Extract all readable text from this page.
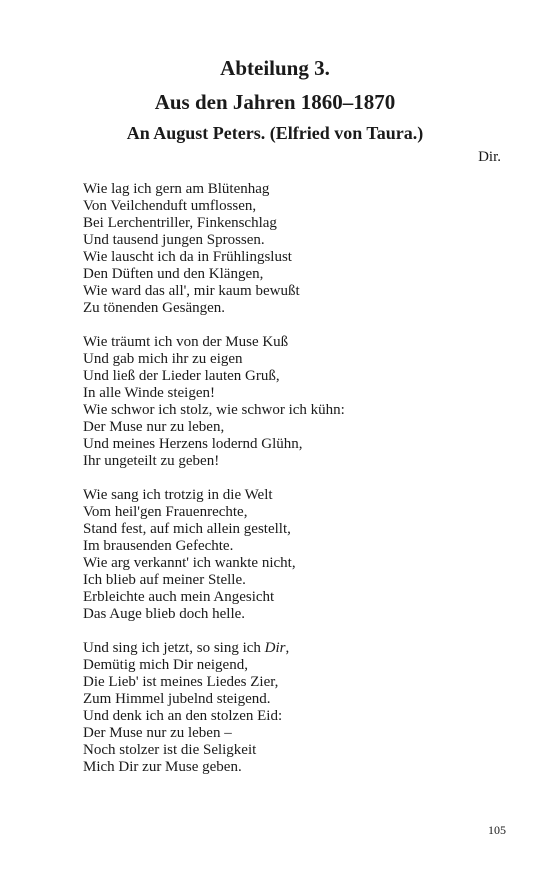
Abteilung 3.
Aus den Jahren 1860–1870
An August Peters. (Elfried von Taura.)
Dir.
Wie lag ich gern am Blütenhag
Von Veilchenduft umflossen,
Bei Lerchentriller, Finkenschlag
Und tausend jungen Sprossen.
Wie lauscht ich da in Frühlingslust
Den Düften und den Klängen,
Wie ward das all', mir kaum bewußt
Zu tönenden Gesängen.
Wie träumt ich von der Muse Kuß
Und gab mich ihr zu eigen
Und ließ der Lieder lauten Gruß,
In alle Winde steigen!
Wie schwor ich stolz, wie schwor ich kühn:
Der Muse nur zu leben,
Und meines Herzens lodernd Glühn,
Ihr ungeteilt zu geben!
Wie sang ich trotzig in die Welt
Vom heil'gen Frauenrechte,
Stand fest, auf mich allein gestellt,
Im brausenden Gefechte.
Wie arg verkannt' ich wankte nicht,
Ich blieb auf meiner Stelle.
Erbleichte auch mein Angesicht
Das Auge blieb doch helle.
Und sing ich jetzt, so sing ich Dir,
Demütig mich Dir neigend,
Die Lieb' ist meines Liedes Zier,
Zum Himmel jubelnd steigend.
Und denk ich an den stolzen Eid:
Der Muse nur zu leben –
Noch stolzer ist die Seligkeit
Mich Dir zur Muse geben.
105
